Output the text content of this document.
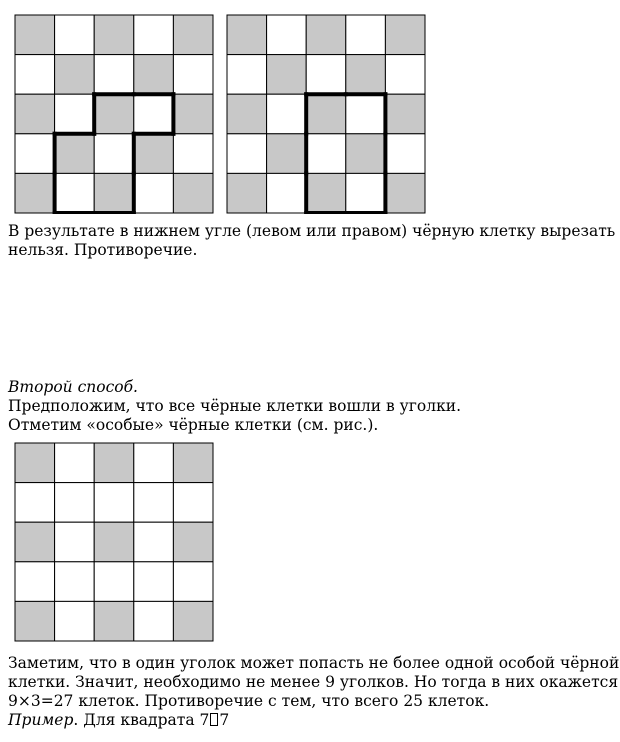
В результате в нижнем угле (левом или правом) чёрную клетку вырезать
нельзя. Противоречие.
Второй способ.
Предположим, что все чёрные клетки вошли в уголки.
Отметим «особые» чёрные клетки (см. рис.).
Заметим, что в один уголок может попасть не более одной особой чёрной
клетки. Значит, необходимо не менее 9 уголков. Но тогда в них окажется
9×3=27 клеток. Противоречие с тем, что всего 25 клеток.
Пример. Для квадрата 7 7
